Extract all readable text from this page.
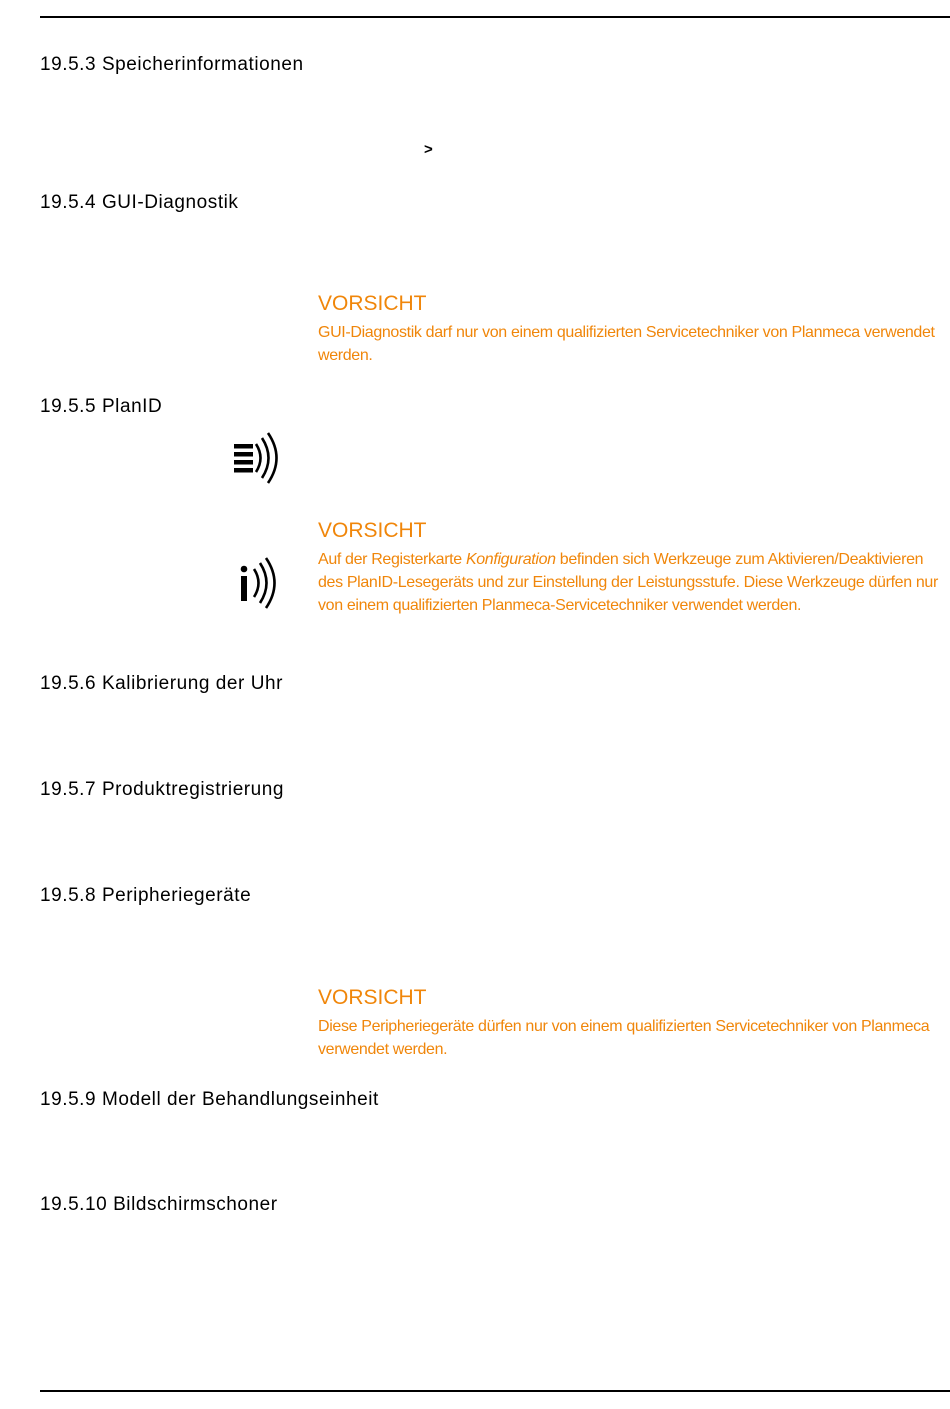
19.5.3 Speicherinformationen
>
19.5.4 GUI-Diagnostik
VORSICHT
GUI-Diagnostik darf nur von einem qualifizierten Servicetechniker von Planmeca verwendet werden.
19.5.5 PlanID
VORSICHT
Auf der Registerkarte Konfiguration befinden sich Werkzeuge zum Aktivieren/Deaktivieren des PlanID-Lesegeräts und zur Einstellung der Leistungsstufe. Diese Werkzeuge dürfen nur von einem qualifizierten Planmeca-Servicetechniker verwendet werden.
19.5.6 Kalibrierung der Uhr
19.5.7 Produktregistrierung
19.5.8 Peripheriegeräte
VORSICHT
Diese Peripheriegeräte dürfen nur von einem qualifizierten Servicetechniker von Planmeca verwendet werden.
19.5.9 Modell der Behandlungseinheit
19.5.10 Bildschirmschoner
